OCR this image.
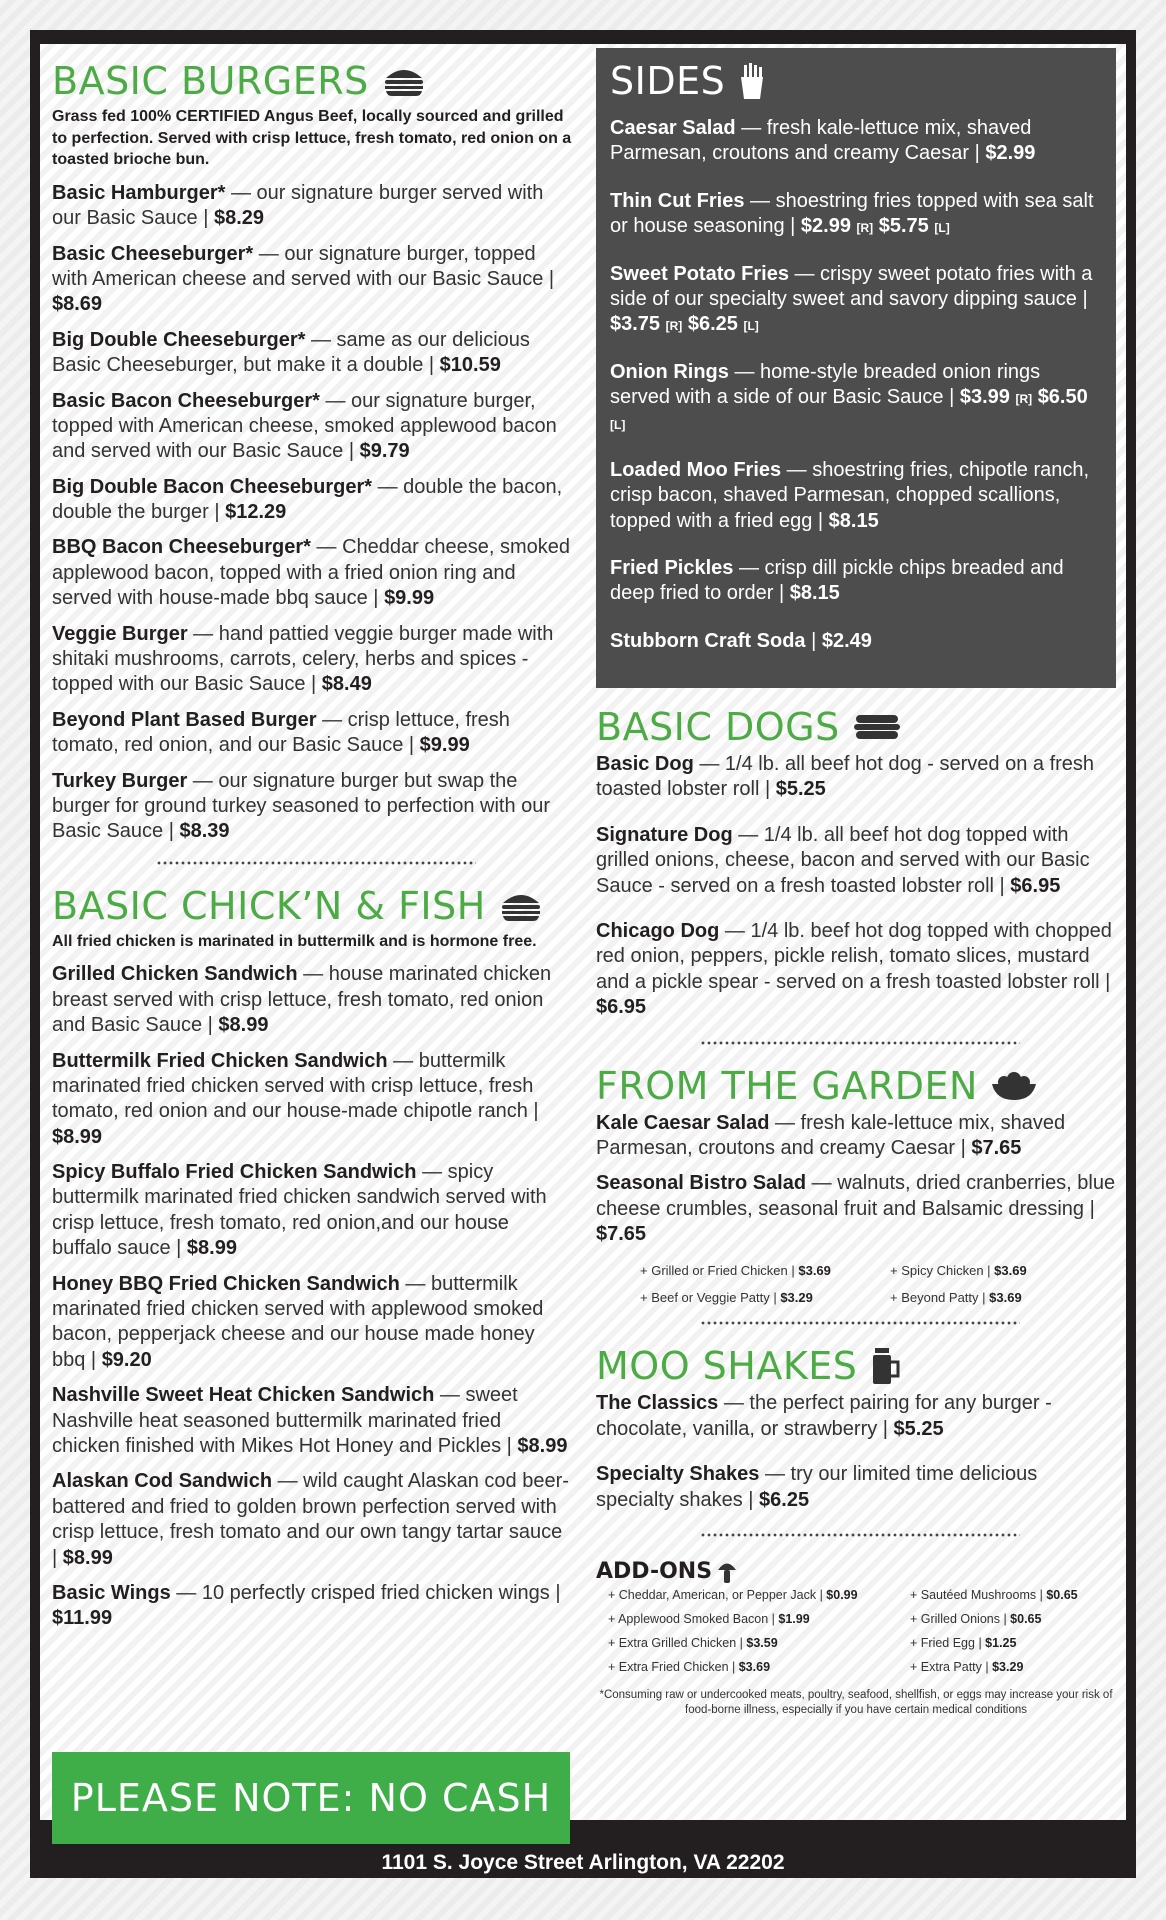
BASIC BURGERS

Grass fed 100% CERTIFIED Angus Beef, locally sourced and grilled to perfection. Served with crisp lettuce, fresh tomato, red onion on a toasted brioche bun.

Basic Hamburger* — our signature burger served with our Basic Sauce | $8.29

Basic Cheeseburger* — our signature burger, topped with American cheese and served with our Basic Sauce | $8.69

Big Double Cheeseburger* — same as our delicious Basic Cheeseburger, but make it a double | $10.59

Basic Bacon Cheeseburger* — our signature burger, topped with American cheese, smoked applewood bacon and served with our Basic Sauce | $9.79

Big Double Bacon Cheeseburger* — double the bacon, double the burger | $12.29

BBQ Bacon Cheeseburger* — Cheddar cheese, smoked applewood bacon, topped with a fried onion ring and served with house-made bbq sauce | $9.99

Veggie Burger — hand pattied veggie burger made with shitaki mushrooms, carrots, celery, herbs and spices - topped with our Basic Sauce | $8.49

Beyond Plant Based Burger — crisp lettuce, fresh tomato, red onion, and our Basic Sauce | $9.99

Turkey Burger — our signature burger but swap the burger for ground turkey seasoned to perfection with our Basic Sauce | $8.39

BASIC CHICK’N & FISH

All fried chicken is marinated in buttermilk and is hormone free.

Grilled Chicken Sandwich — house marinated chicken breast served with crisp lettuce, fresh tomato, red onion and Basic Sauce | $8.99

Buttermilk Fried Chicken Sandwich — buttermilk marinated fried chicken served with crisp lettuce, fresh tomato, red onion and our house-made chipotle ranch | $8.99

Spicy Buffalo Fried Chicken Sandwich — spicy buttermilk marinated fried chicken sandwich served with crisp lettuce, fresh tomato, red onion,and our house buffalo sauce | $8.99

Honey BBQ Fried Chicken Sandwich — buttermilk marinated fried chicken served with applewood smoked bacon, pepperjack cheese and our house made honey bbq | $9.20

Nashville Sweet Heat Chicken Sandwich — sweet Nashville heat seasoned buttermilk marinated fried chicken finished with Mikes Hot Honey and Pickles | $8.99

Alaskan Cod Sandwich — wild caught Alaskan cod beer-battered and fried to golden brown perfection served with crisp lettuce, fresh tomato and our own tangy tartar sauce | $8.99

Basic Wings — 10 perfectly crisped fried chicken wings | $11.99

PLEASE NOTE: NO CASH
SIDES

Caesar Salad — fresh kale-lettuce mix, shaved Parmesan, croutons and creamy Caesar | $2.99

Thin Cut Fries — shoestring fries topped with sea salt or house seasoning | $2.99 [R] $5.75 [L]

Sweet Potato Fries — crispy sweet potato fries with a side of our specialty sweet and savory dipping sauce | $3.75 [R] $6.25 [L]

Onion Rings — home-style breaded onion rings served with a side of our Basic Sauce | $3.99 [R] $6.50 [L]

Loaded Moo Fries — shoestring fries, chipotle ranch, crisp bacon, shaved Parmesan, chopped scallions, topped with a fried egg | $8.15

Fried Pickles — crisp dill pickle chips breaded and deep fried to order | $8.15

Stubborn Craft Soda | $2.49

BASIC DOGS

Basic Dog — 1/4 lb. all beef hot dog - served on a fresh toasted lobster roll | $5.25

Signature Dog — 1/4 lb. all beef hot dog topped with grilled onions, cheese, bacon and served with our Basic Sauce - served on a fresh toasted lobster roll | $6.95

Chicago Dog — 1/4 lb. beef hot dog topped with chopped red onion, peppers, pickle relish, tomato slices, mustard and a pickle spear - served on a fresh toasted lobster roll | $6.95

FROM THE GARDEN

Kale Caesar Salad — fresh kale-lettuce mix, shaved Parmesan, croutons and creamy Caesar | $7.65

Seasonal Bistro Salad — walnuts, dried cranberries, blue cheese crumbles, seasonal fruit and Balsamic dressing | $7.65

+ Grilled or Fried Chicken | $3.69	+ Spicy Chicken | $3.69
+ Beef or Veggie Patty | $3.29	+ Beyond Patty | $3.69
MOO SHAKES

The Classics — the perfect pairing for any burger - chocolate, vanilla, or strawberry | $5.25

Specialty Shakes — try our limited time delicious specialty shakes | $6.25

ADD-ONS
+ Cheddar, American, or Pepper Jack | $0.99	+ Sautéed Mushrooms | $0.65
+ Applewood Smoked Bacon | $1.99	+ Grilled Onions | $0.65
+ Extra Grilled Chicken | $3.59	+ Fried Egg | $1.25
+ Extra Fried Chicken | $3.69	+ Extra Patty | $3.29

*Consuming raw or undercooked meats, poultry, seafood, shellfish, or eggs may increase your risk of food-borne illness, especially if you have certain medical conditions

1101 S. Joyce Street Arlington, VA 22202
